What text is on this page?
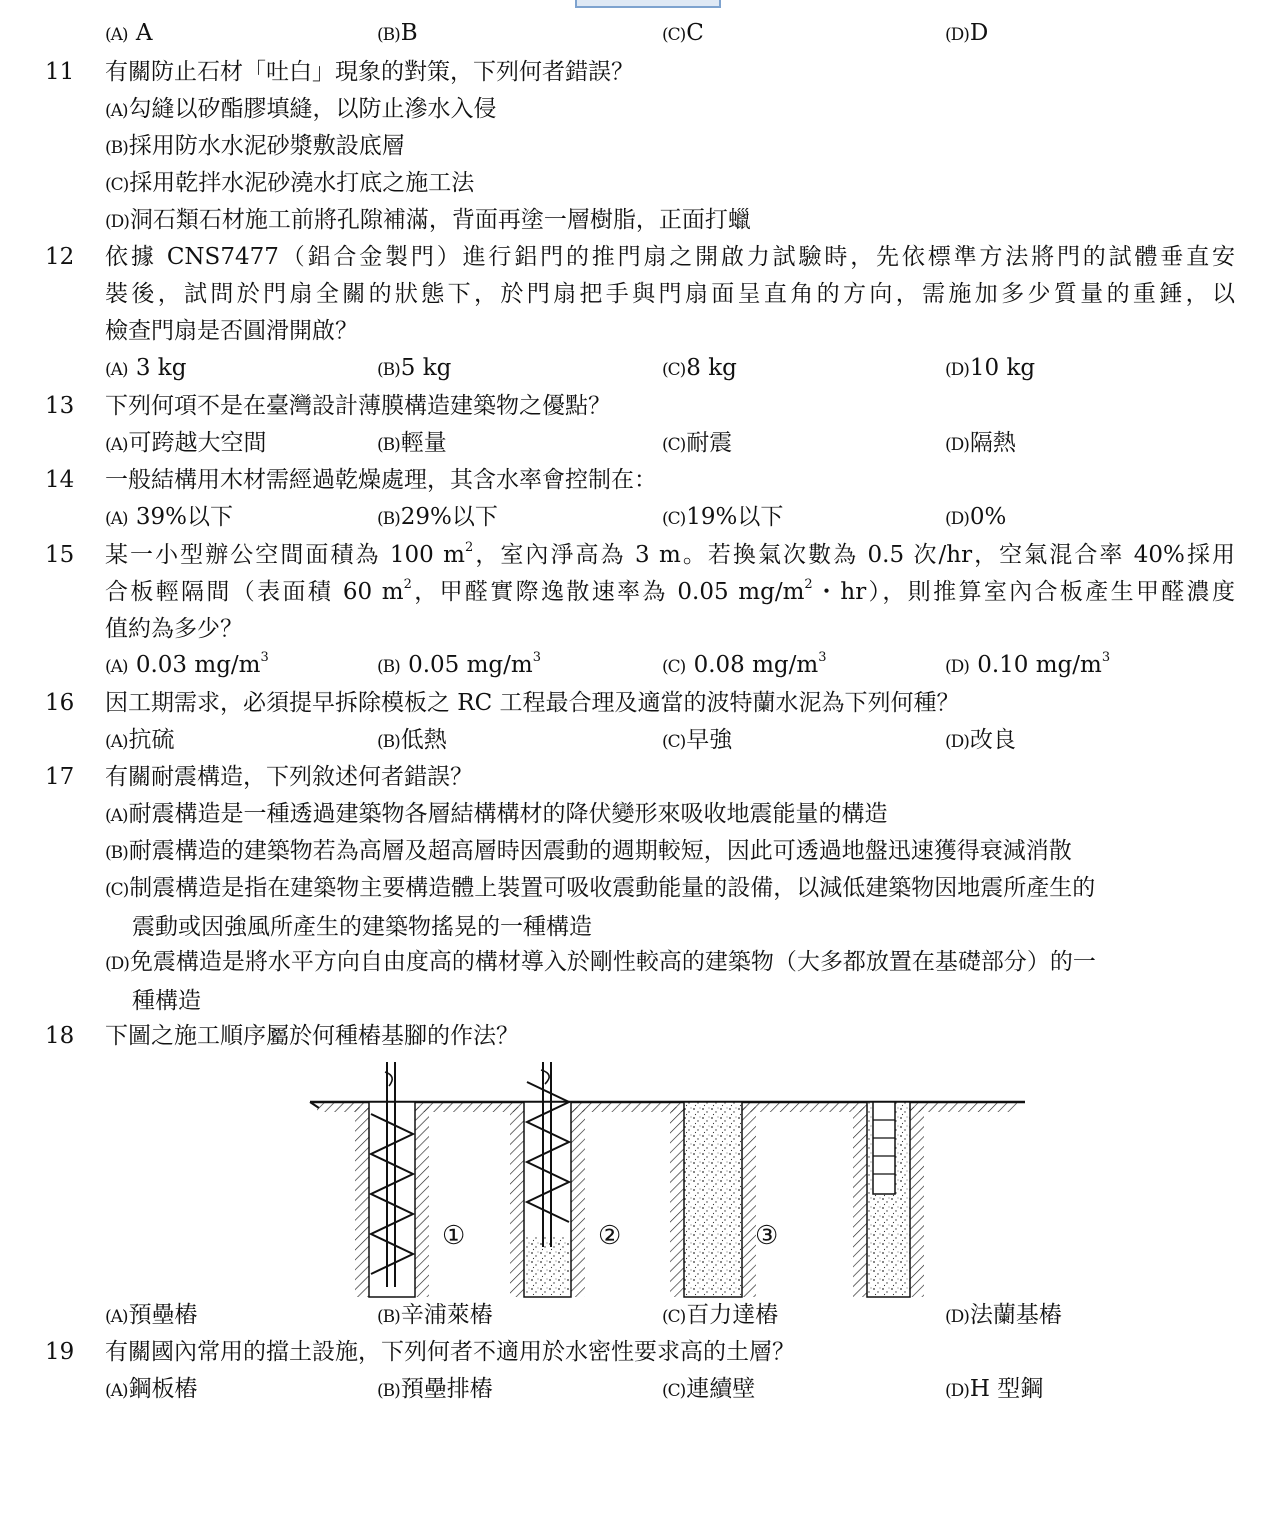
(A) A	(B)B	(C)C	(D)D
11 有關防止石材「吐白」現象的對策，下列何者錯誤？
(A)勾縫以矽酯膠填縫，以防止滲水入侵
(B)採用防水水泥砂漿敷設底層
(C)採用乾拌水泥砂澆水打底之施工法
(D)洞石類石材施工前將孔隙補滿，背面再塗一層樹脂，正面打蠟
12 依據 CNS7477（鋁合金製門）進行鋁門的推門扇之開啟力試驗時，先依標準方法將門的試體垂直安
裝後，試問於門扇全關的狀態下，於門扇把手與門扇面呈直角的方向，需施加多少質量的重錘，以
檢查門扇是否圓滑開啟？
(A) 3 kg	(B)5 kg	(C)8 kg	(D)10 kg
13 下列何項不是在臺灣設計薄膜構造建築物之優點？
(A)可跨越大空間	(B)輕量	(C)耐震	(D)隔熱
14 一般結構用木材需經過乾燥處理，其含水率會控制在：
(A) 39%以下	(B)29%以下	(C)19%以下	(D)0%
15 某一小型辦公空間面積為 100 $m^2$，室內淨高為 3 m。若換氣次數為 0.5 次/hr，空氣混合率 40%採用
合板輕隔間（表面積 60 $m^2$，甲醛實際逸散速率為 0.05 $mg/m^2$・hr），則推算室內合板產生甲醛濃度
值約為多少？
(A) 0.03 $mg/m^3$	(B) 0.05 $mg/m^3$	(C) 0.08 $mg/m^3$	(D) 0.10 $mg/m^3$
16 因工期需求，必須提早拆除模板之 RC 工程最合理及適當的波特蘭水泥為下列何種？
(A)抗硫	(B)低熱	(C)早強	(D)改良
17 有關耐震構造，下列敘述何者錯誤？
(A)耐震構造是一種透過建築物各層結構構材的降伏變形來吸收地震能量的構造
(B)耐震構造的建築物若為高層及超高層時因震動的週期較短，因此可透過地盤迅速獲得衰減消散
(C)制震構造是指在建築物主要構造體上裝置可吸收震動能量的設備，以減低建築物因地震所產生的
震動或因強風所產生的建築物搖晃的一種構造
(D)免震構造是將水平方向自由度高的構材導入於剛性較高的建築物（大多都放置在基礎部分）的一
種構造
18 下圖之施工順序屬於何種樁基腳的作法？
①	②	③
(A)預壘樁	(B)辛浦萊樁	(C)百力達樁	(D)法蘭基樁
19 有關國內常用的擋土設施，下列何者不適用於水密性要求高的土層？
(A)鋼板樁	(B)預壘排樁	(C)連續壁	(D)H 型鋼
